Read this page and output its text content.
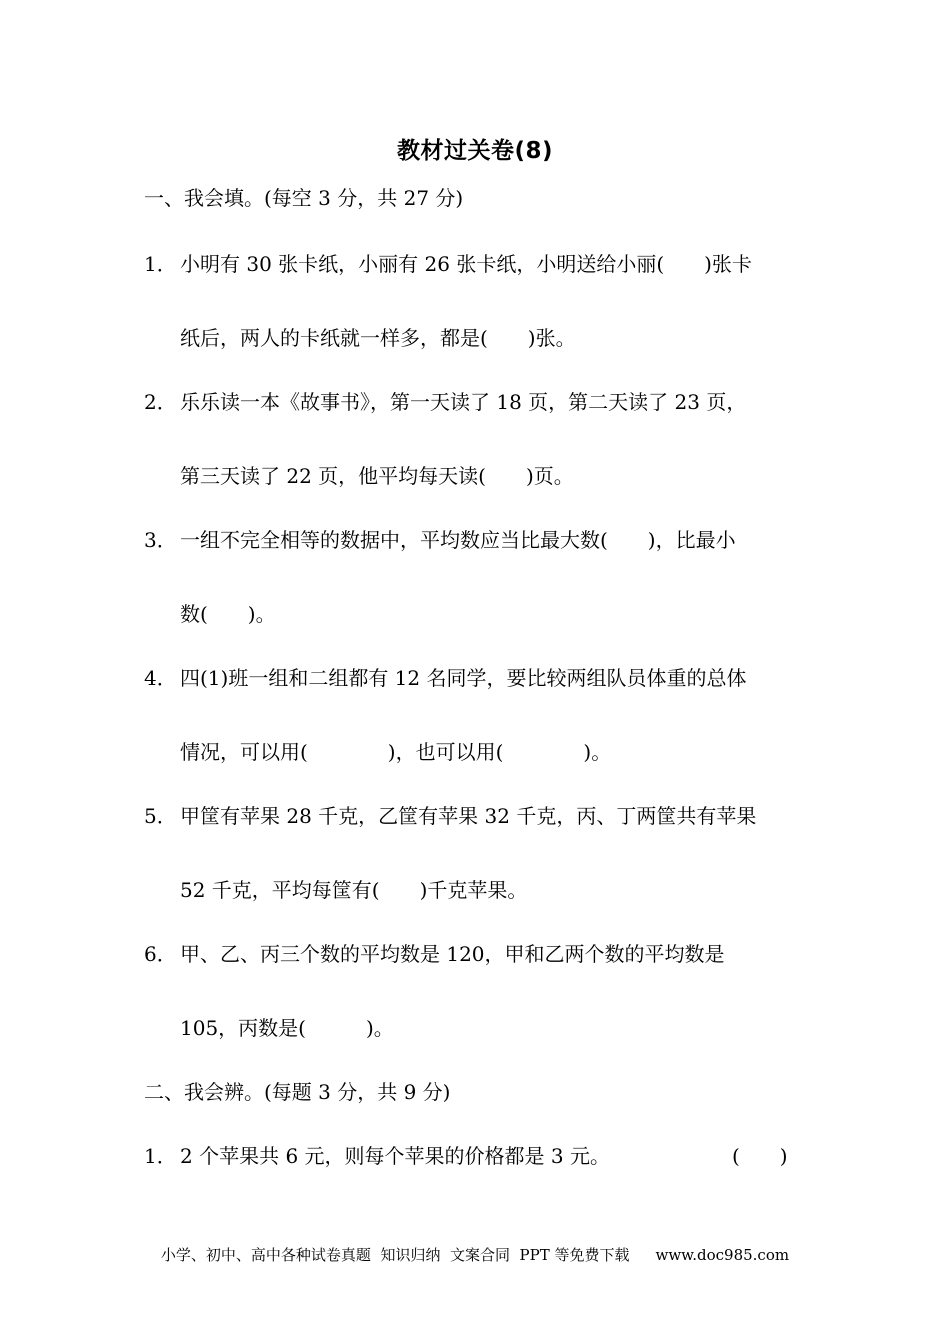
教材过关卷(8)
一、我会填。(每空 3 分，共 27 分)
1． 小明有 30 张卡纸，小丽有 26 张卡纸，小明送给小丽(　　)张卡
纸后，两人的卡纸就一样多，都是(　　)张。
2． 乐乐读一本《故事书》，第一天读了 18 页，第二天读了 23 页，
第三天读了 22 页，他平均每天读(　　)页。
3． 一组不完全相等的数据中，平均数应当比最大数(　　)，比最小
数(　　)。
4． 四(1)班一组和二组都有 12 名同学，要比较两组队员体重的总体
情况，可以用(　　　　)，也可以用(　　　　)。
5． 甲筐有苹果 28 千克，乙筐有苹果 32 千克，丙、丁两筐共有苹果
52 千克，平均每筐有(　　)千克苹果。
6． 甲、乙、丙三个数的平均数是 120，甲和乙两个数的平均数是
105，丙数是(　　　)。
二、我会辨。(每题 3 分，共 9 分)
1． 2 个苹果共 6 元，则每个苹果的价格都是 3 元。	(　　)
小学、初中、高中各种试卷真题  知识归纳  文案合同  PPT 等免费下载 www.doc985.com
